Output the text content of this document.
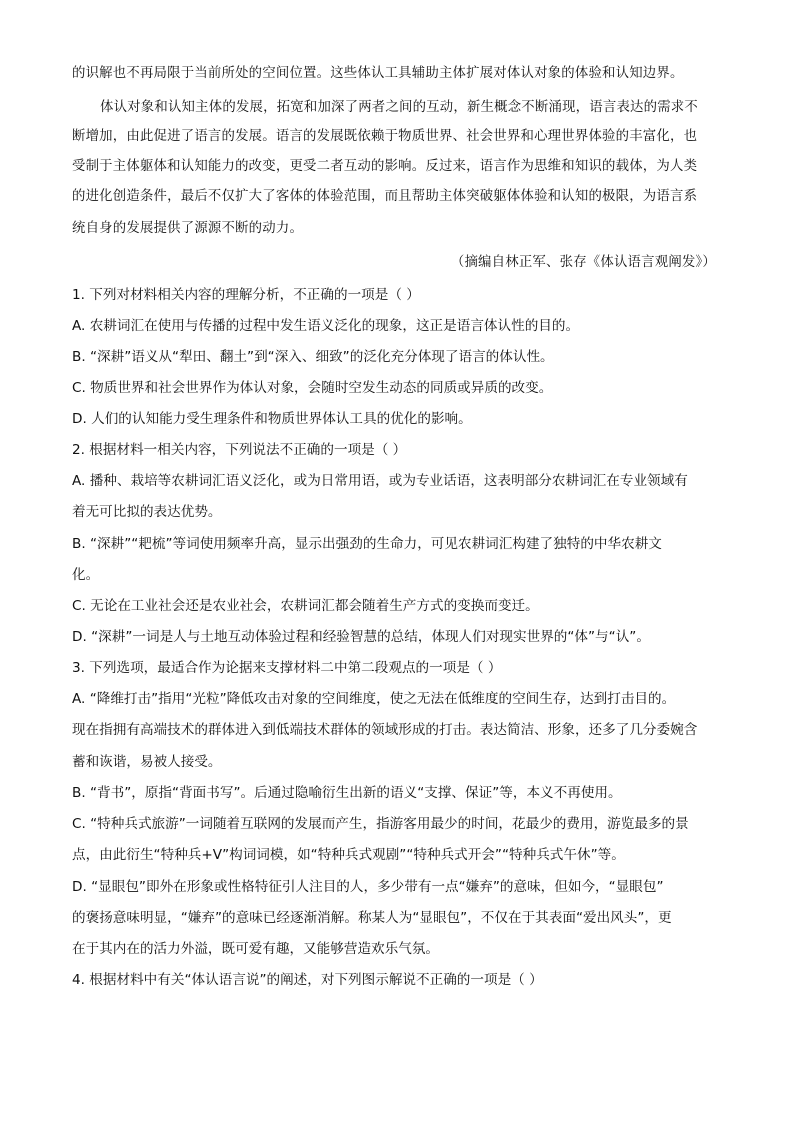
的识解也不再局限于当前所处的空间位置。这些体认工具辅助主体扩展对体认对象的体验和认知边界。
体认对象和认知主体的发展，拓宽和加深了两者之间的互动，新生概念不断涌现，语言表达的需求不
断增加，由此促进了语言的发展。语言的发展既依赖于物质世界、社会世界和心理世界体验的丰富化，也
受制于主体躯体和认知能力的改变，更受二者互动的影响。反过来，语言作为思维和知识的载体，为人类
的进化创造条件，最后不仅扩大了客体的体验范围，而且帮助主体突破躯体体验和认知的极限，为语言系
统自身的发展提供了源源不断的动力。
（摘编自林正军、张存《体认语言观阐发》）
1. 下列对材料相关内容的理解分析，不正确的一项是（ ）
A. 农耕词汇在使用与传播的过程中发生语义泛化的现象，这正是语言体认性的目的。
B. “深耕”语义从“犁田、翻土”到“深入、细致”的泛化充分体现了语言的体认性。
C. 物质世界和社会世界作为体认对象，会随时空发生动态的同质或异质的改变。
D. 人们的认知能力受生理条件和物质世界体认工具的优化的影响。
2. 根据材料一相关内容，下列说法不正确的一项是（ ）
A. 播种、栽培等农耕词汇语义泛化，或为日常用语，或为专业话语，这表明部分农耕词汇在专业领域有
着无可比拟的表达优势。
B. “深耕”“耙梳”等词使用频率升高，显示出强劲的生命力，可见农耕词汇构建了独特的中华农耕文
化。
C. 无论在工业社会还是农业社会，农耕词汇都会随着生产方式的变换而变迁。
D. “深耕”一词是人与土地互动体验过程和经验智慧的总结，体现人们对现实世界的“体”与“认”。
3. 下列选项，最适合作为论据来支撑材料二中第二段观点的一项是（ ）
A. “降维打击”指用“光粒”降低攻击对象的空间维度，使之无法在低维度的空间生存，达到打击目的。
现在指拥有高端技术的群体进入到低端技术群体的领域形成的打击。表达简洁、形象，还多了几分委婉含
蓄和诙谐，易被人接受。
B. “背书”，原指“背面书写”。后通过隐喻衍生出新的语义“支撑、保证”等，本义不再使用。
C. “特种兵式旅游”一词随着互联网的发展而产生，指游客用最少的时间，花最少的费用，游览最多的景
点，由此衍生“特种兵+V”构词词模，如“特种兵式观剧”“特种兵式开会”“特种兵式午休”等。
D. “显眼包”即外在形象或性格特征引人注目的人，多少带有一点“嫌弃”的意味，但如今，“显眼包”
的褒扬意味明显，“嫌弃”的意味已经逐渐消解。称某人为“显眼包”，不仅在于其表面“爱出风头”，更
在于其内在的活力外溢，既可爱有趣，又能够营造欢乐气氛。
4. 根据材料中有关“体认语言说”的阐述，对下列图示解说不正确的一项是（ ）
